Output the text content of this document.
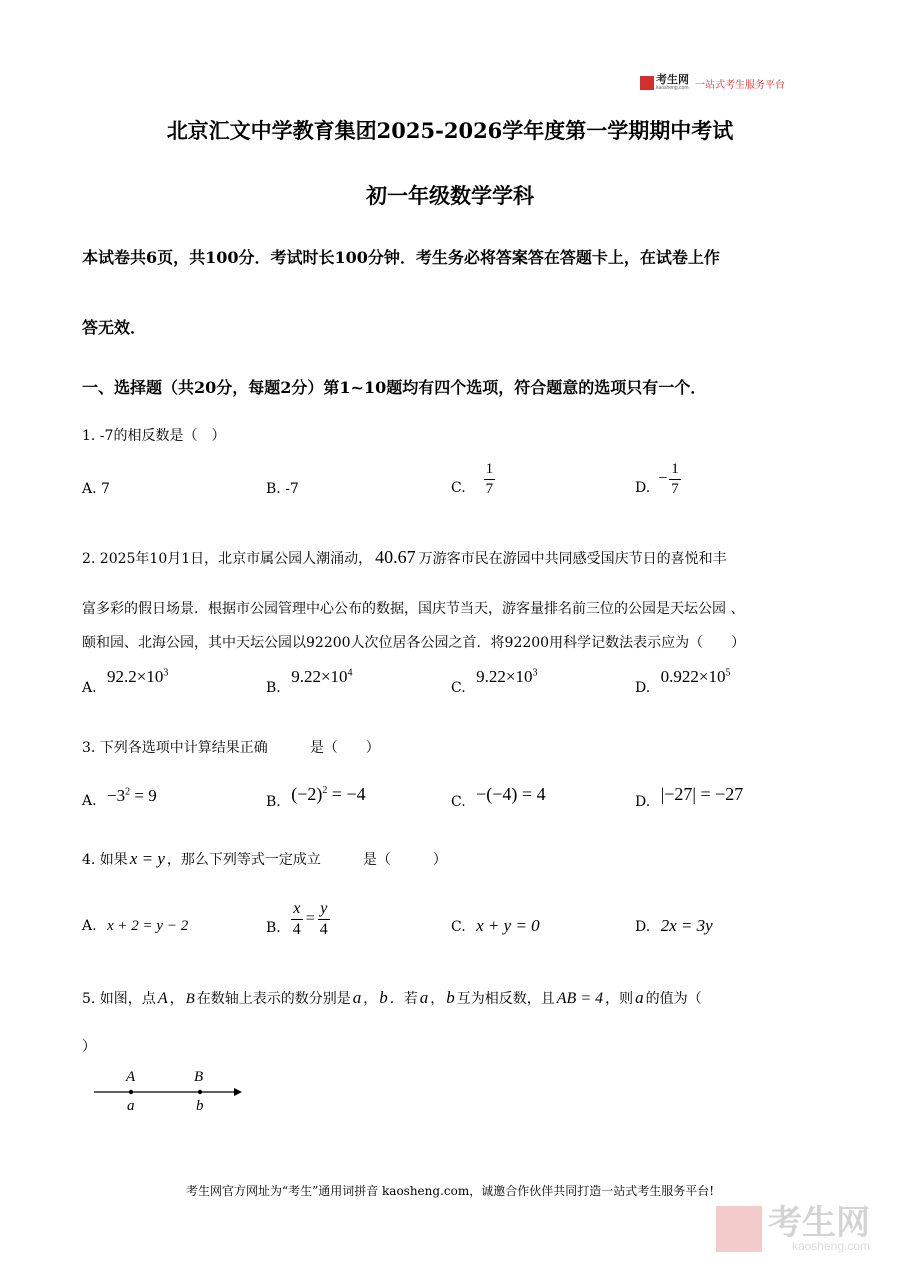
考生网
kaosheng.com 一站式考生服务平台
北京汇文中学教育集团2025-2026学年度第一学期期中考试
初一年级数学学科
本试卷共6页，共100分．考试时长100分钟．考生务必将答案答在答题卡上，在试卷上作
答无效．
一、选择题（共20分，每题2分）第1~10题均有四个选项，符合题意的选项只有一个．
1. -7的相反数是（　）
A. 7	B. -7	C. $\frac{1}{7}$	D.
− $\frac{1}{7}$
2. 2025年10月1日，北京市属公园人潮涌动， 40.67 万游客市民在游园中共同感受国庆节日的喜悦和丰
富多彩的假日场景．根据市公园管理中心公布的数据，国庆节当天，游客量排名前三位的公园是天坛公园 、
颐和园、北海公园，其中天坛公园以92200人次位居各公园之首．将92200用科学记数法表示应为（　　）
A. $92.2\times 10^3$
B. $9.22\times 10^4$
C. $9.22\times 10^3$
D. $0.922\times 10^5$
3. 下列各选项中计算结果正确	是（　　）
A. $-3^2 = 9$	B. $(-2)^2 = -4$	C. −(−4) = 4	D. |−27| = −27
4. 如果 x = y ，那么下列等式一定成立	是（　　　）
A. x + 2 = y − 2	B. $\frac{x}{4} = \frac{y}{4}$	C. x + y = 0	D. 2x = 3y
5. 如图，点 A ， B 在数轴上表示的数分别是 a ， b ．若 a ， b 互为相反数，且 AB = 4 ，则 a 的值为（
）
A	B
a	b
考生网官方网址为“考生”通用词拼音 kaosheng.com，诚邀合作伙伴共同打造一站式考生服务平台!
考生网
kaosheng.com
